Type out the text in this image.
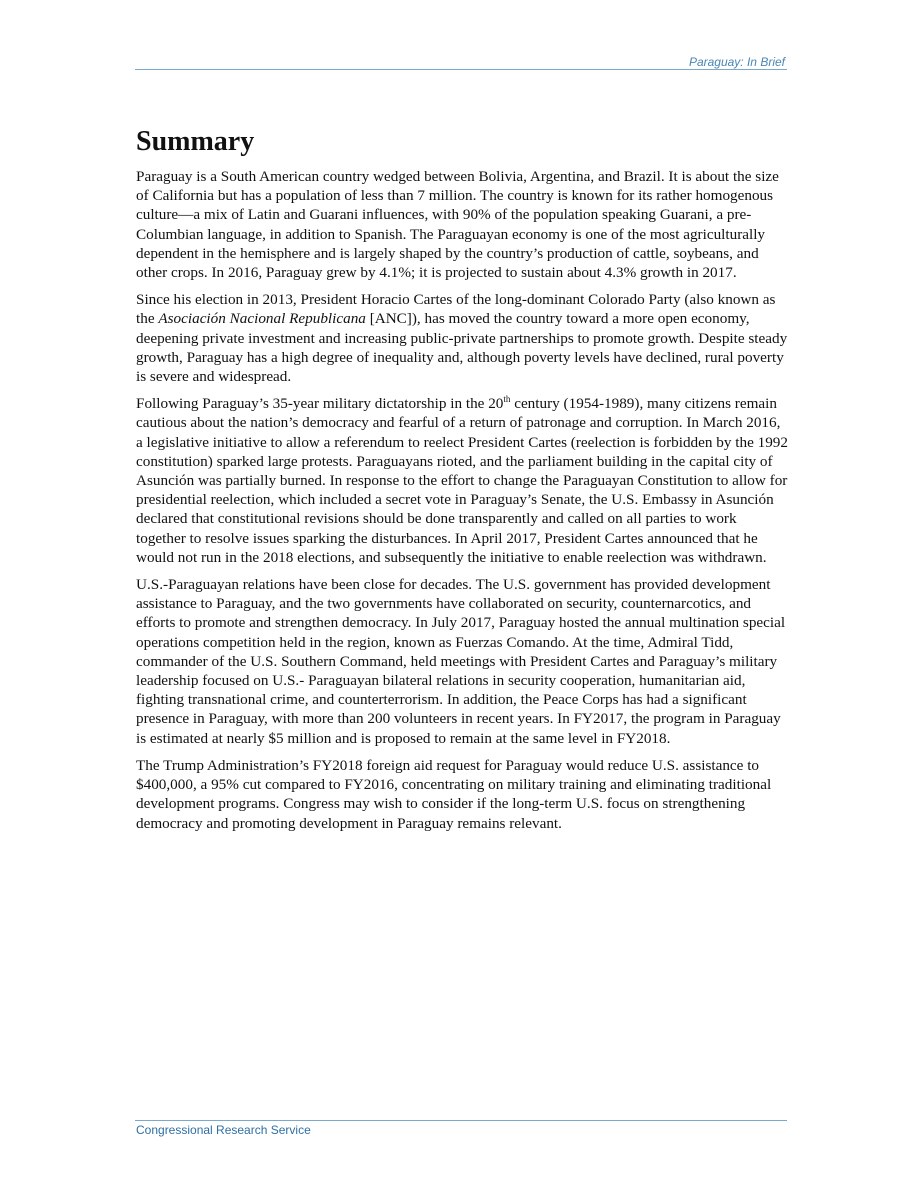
Paraguay: In Brief
Summary

Paraguay is a South American country wedged between Bolivia, Argentina, and Brazil. It is about the size of California but has a population of less than 7 million. The country is known for its rather homogenous culture—a mix of Latin and Guarani influences, with 90% of the population speaking Guarani, a pre-Columbian language, in addition to Spanish. The Paraguayan economy is one of the most agriculturally dependent in the hemisphere and is largely shaped by the country’s production of cattle, soybeans, and other crops. In 2016, Paraguay grew by 4.1%; it is projected to sustain about 4.3% growth in 2017.

Since his election in 2013, President Horacio Cartes of the long-dominant Colorado Party (also known as the Asociación Nacional Republicana [ANC]), has moved the country toward a more open economy, deepening private investment and increasing public-private partnerships to promote growth. Despite steady growth, Paraguay has a high degree of inequality and, although poverty levels have declined, rural poverty is severe and widespread.

Following Paraguay’s 35-year military dictatorship in the 20th century (1954-1989), many citizens remain cautious about the nation’s democracy and fearful of a return of patronage and corruption. In March 2016, a legislative initiative to allow a referendum to reelect President Cartes (reelection is forbidden by the 1992 constitution) sparked large protests. Paraguayans rioted, and the parliament building in the capital city of Asunción was partially burned. In response to the effort to change the Paraguayan Constitution to allow for presidential reelection, which included a secret vote in Paraguay’s Senate, the U.S. Embassy in Asunción declared that constitutional revisions should be done transparently and called on all parties to work together to resolve issues sparking the disturbances. In April 2017, President Cartes announced that he would not run in the 2018 elections, and subsequently the initiative to enable reelection was withdrawn.

U.S.-Paraguayan relations have been close for decades. The U.S. government has provided development assistance to Paraguay, and the two governments have collaborated on security, counternarcotics, and efforts to promote and strengthen democracy. In July 2017, Paraguay hosted the annual multination special operations competition held in the region, known as Fuerzas Comando. At the time, Admiral Tidd, commander of the U.S. Southern Command, held meetings with President Cartes and Paraguay’s military leadership focused on U.S.- Paraguayan bilateral relations in security cooperation, humanitarian aid, fighting transnational crime, and counterterrorism. In addition, the Peace Corps has had a significant presence in Paraguay, with more than 200 volunteers in recent years. In FY2017, the program in Paraguay is estimated at nearly $5 million and is proposed to remain at the same level in FY2018.

The Trump Administration’s FY2018 foreign aid request for Paraguay would reduce U.S. assistance to $400,000, a 95% cut compared to FY2016, concentrating on military training and eliminating traditional development programs. Congress may wish to consider if the long-term U.S. focus on strengthening democracy and promoting development in Paraguay remains relevant.

Congressional Research Service
